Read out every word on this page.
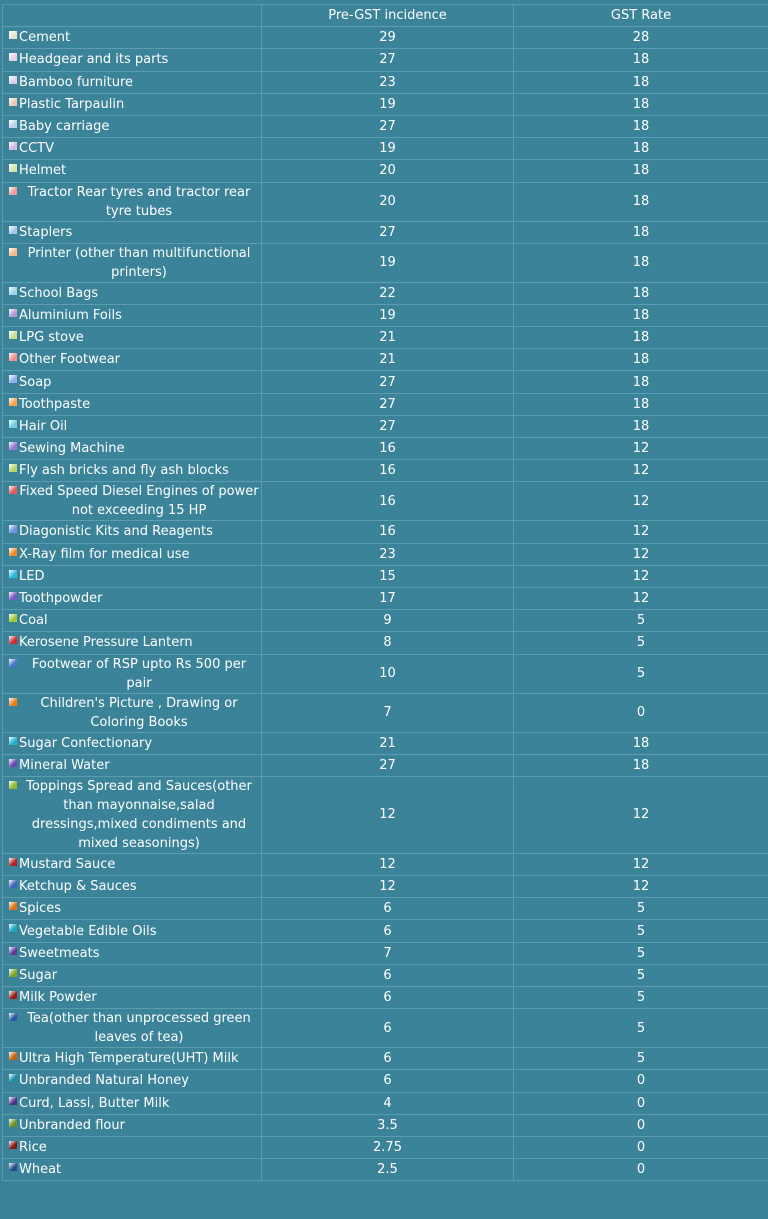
	Pre-GST incidence	GST Rate

Cement	29	28

Headgear and its parts	27	18

Bamboo furniture	23	18

Plastic Tarpaulin	19	18

Baby carriage	27	18

CCTV	19	18

Helmet	20	18

Tractor Rear tyres and tractor rear tyre tubes	20	18

Staplers	27	18

Printer (other than multifunctional printers)	19	18

School Bags	22	18

Aluminium Foils	19	18

LPG stove	21	18

Other Footwear	21	18

Soap	27	18

Toothpaste	27	18

Hair Oil	27	18

Sewing Machine	16	12

Fly ash bricks and fly ash blocks	16	12

Fixed Speed Diesel Engines of power not exceeding 15 HP	16	12

Diagonistic Kits and Reagents	16	12

X-Ray film for medical use	23	12

LED	15	12

Toothpowder	17	12

Coal	9	5

Kerosene Pressure Lantern	8	5

Footwear of RSP upto Rs 500 per pair	10	5

Children's Picture , Drawing or Coloring Books	7	0

Sugar Confectionary	21	18

Mineral Water	27	18

Toppings Spread and Sauces(other than mayonnaise,salad dressings,mixed condiments and mixed seasonings)	12	12

Mustard Sauce	12	12

Ketchup & Sauces	12	12

Spices	6	5

Vegetable Edible Oils	6	5

Sweetmeats	7	5

Sugar	6	5

Milk Powder	6	5

Tea(other than unprocessed green leaves of tea)	6	5

Ultra High Temperature(UHT) Milk	6	5

Unbranded Natural Honey	6	0

Curd, Lassi, Butter Milk	4	0

Unbranded flour	3.5	0

Rice	2.75	0

Wheat	2.5	0
